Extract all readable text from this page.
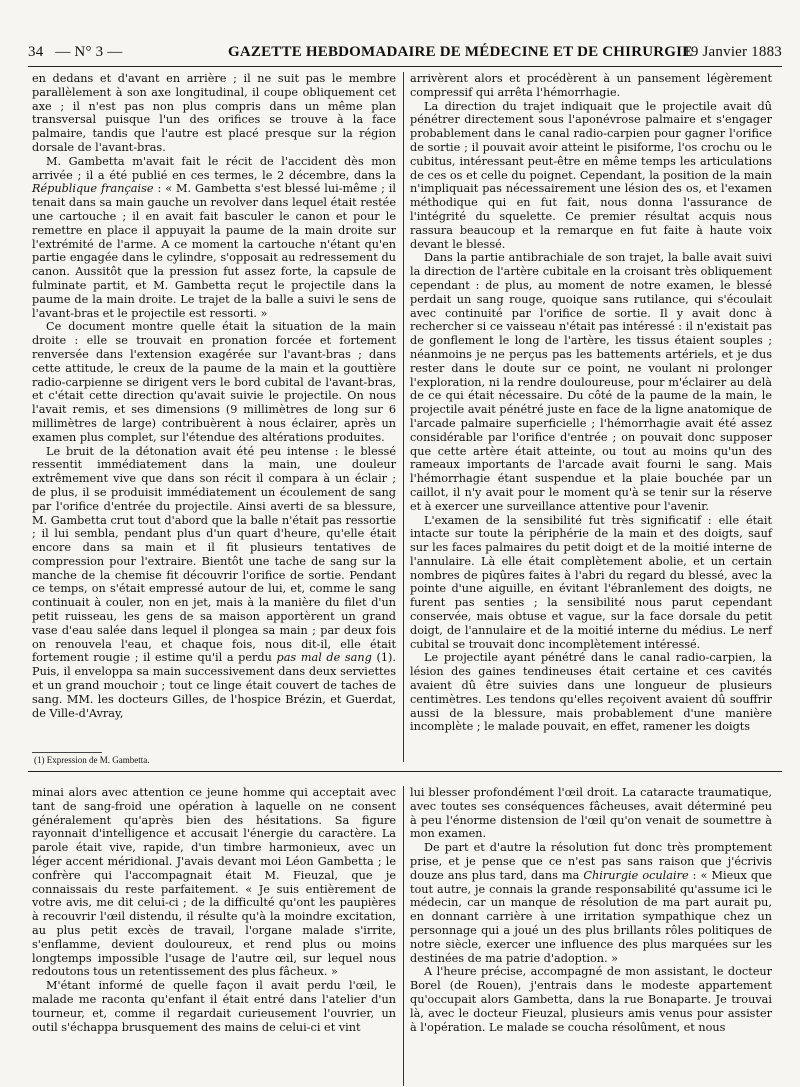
34 — N° 3 —	GAZETTE HEBDOMADAIRE DE MÉDECINE ET DE CHIRURGIE
19 Janvier 1883

en dedans et d'avant en arrière ; il ne suit pas le membre parallèlement à son axe longitudinal, il coupe obliquement cet axe ; il n'est pas non plus compris dans un même plan transversal puisque l'un des orifices se trouve à la face palmaire, tandis que l'autre est placé presque sur la région dorsale de l'avant-bras.

M. Gambetta m'avait fait le récit de l'accident dès mon arrivée ; il a été publié en ces termes, le 2 décembre, dans la République française : « M. Gambetta s'est blessé lui-même ; il tenait dans sa main gauche un revolver dans lequel était restée une cartouche ; il en avait fait basculer le canon et pour le remettre en place il appuyait la paume de la main droite sur l'extrémité de l'arme. A ce moment la cartouche n'étant qu'en partie engagée dans le cylindre, s'opposait au redressement du canon. Aussitôt que la pression fut assez forte, la capsule de fulminate partit, et M. Gambetta reçut le projectile dans la paume de la main droite. Le trajet de la balle a suivi le sens de l'avant-bras et le projectile est ressorti. »

Ce document montre quelle était la situation de la main droite : elle se trouvait en pronation forcée et fortement renversée dans l'extension exagérée sur l'avant-bras ; dans cette attitude, le creux de la paume de la main et la gouttière radio-carpienne se dirigent vers le bord cubital de l'avant-bras, et c'était cette direction qu'avait suivie le projectile. On nous l'avait remis, et ses dimensions (9 millimètres de long sur 6 millimètres de large) contribuèrent à nous éclairer, après un examen plus complet, sur l'étendue des altérations produites.

Le bruit de la détonation avait été peu intense : le blessé ressentit immédiatement dans la main, une douleur extrêmement vive que dans son récit il compara à un éclair ; de plus, il se produisit immédiatement un écoulement de sang par l'orifice d'entrée du projectile. Ainsi averti de sa blessure, M. Gambetta crut tout d'abord que la balle n'était pas ressortie ; il lui sembla, pendant plus d'un quart d'heure, qu'elle était encore dans sa main et il fit plusieurs tentatives de compression pour l'extraire. Bientôt une tache de sang sur la manche de la chemise fit découvrir l'orifice de sortie. Pendant ce temps, on s'était empressé autour de lui, et, comme le sang continuait à couler, non en jet, mais à la manière du filet d'un petit ruisseau, les gens de sa maison apportèrent un grand vase d'eau salée dans lequel il plongea sa main ; par deux fois on renouvela l'eau, et chaque fois, nous dit-il, elle était fortement rougie ; il estime qu'il a perdu pas mal de sang (1). Puis, il enveloppa sa main successivement dans deux serviettes et un grand mouchoir ; tout ce linge était couvert de taches de sang. MM. les docteurs Gilles, de l'hospice Brézin, et Guerdat, de Ville-d'Avray,

(1) Expression de M. Gambetta.

arrivèrent alors et procédèrent à un pansement légèrement compressif qui arrêta l'hémorrhagie.

La direction du trajet indiquait que le projectile avait dû pénétrer directement sous l'aponévrose palmaire et s'engager probablement dans le canal radio-carpien pour gagner l'orifice de sortie ; il pouvait avoir atteint le pisiforme, l'os crochu ou le cubitus, intéressant peut-être en même temps les articulations de ces os et celle du poignet. Cependant, la position de la main n'impliquait pas nécessairement une lésion des os, et l'examen méthodique qui en fut fait, nous donna l'assurance de l'intégrité du squelette. Ce premier résultat acquis nous rassura beaucoup et la remarque en fut faite à haute voix devant le blessé.

Dans la partie antibrachiale de son trajet, la balle avait suivi la direction de l'artère cubitale en la croisant très obliquement cependant : de plus, au moment de notre examen, le blessé perdait un sang rouge, quoique sans rutilance, qui s'écoulait avec continuité par l'orifice de sortie. Il y avait donc à rechercher si ce vaisseau n'était pas intéressé : il n'existait pas de gonflement le long de l'artère, les tissus étaient souples ; néanmoins je ne perçus pas les battements artériels, et je dus rester dans le doute sur ce point, ne voulant ni prolonger l'exploration, ni la rendre douloureuse, pour m'éclairer au delà de ce qui était nécessaire. Du côté de la paume de la main, le projectile avait pénétré juste en face de la ligne anatomique de l'arcade palmaire superficielle ; l'hémorrhagie avait été assez considérable par l'orifice d'entrée ; on pouvait donc supposer que cette artère était atteinte, ou tout au moins qu'un des rameaux importants de l'arcade avait fourni le sang. Mais l'hémorrhagie étant suspendue et la plaie bouchée par un caillot, il n'y avait pour le moment qu'à se tenir sur la réserve et à exercer une surveillance attentive pour l'avenir.

L'examen de la sensibilité fut très significatif : elle était intacte sur toute la périphérie de la main et des doigts, sauf sur les faces palmaires du petit doigt et de la moitié interne de l'annulaire. Là elle était complètement abolie, et un certain nombres de piqûres faites à l'abri du regard du blessé, avec la pointe d'une aiguille, en évitant l'ébranlement des doigts, ne furent pas senties ; la sensibilité nous parut cependant conservée, mais obtuse et vague, sur la face dorsale du petit doigt, de l'annulaire et de la moitié interne du médius. Le nerf cubital se trouvait donc incomplètement intéressé.

Le projectile ayant pénétré dans le canal radio-carpien, la lésion des gaines tendineuses était certaine et ces cavités avaient dû être suivies dans une longueur de plusieurs centimètres. Les tendons qu'elles reçoivent avaient dû souffrir aussi de la blessure, mais probablement d'une manière incomplète ; le malade pouvait, en effet, ramener les doigts

minai alors avec attention ce jeune homme qui acceptait avec tant de sang-froid une opération à laquelle on ne consent généralement qu'après bien des hésitations. Sa figure rayonnait d'intelligence et accusait l'énergie du caractère. La parole était vive, rapide, d'un timbre harmonieux, avec un léger accent méridional. J'avais devant moi Léon Gambetta ; le confrère qui l'accompagnait était M. Fieuzal, que je connaissais du reste parfaitement. « Je suis entièrement de votre avis, me dit celui-ci ; de la difficulté qu'ont les paupières à recouvrir l'œil distendu, il résulte qu'à la moindre excitation, au plus petit excès de travail, l'organe malade s'irrite, s'enflamme, devient douloureux, et rend plus ou moins longtemps impossible l'usage de l'autre œil, sur lequel nous redoutons tous un retentissement des plus fâcheux. »

M'étant informé de quelle façon il avait perdu l'œil, le malade me raconta qu'enfant il était entré dans l'atelier d'un tourneur, et, comme il regardait curieusement l'ouvrier, un outil s'échappa brusquement des mains de celui-ci et vint

lui blesser profondément l'œil droit. La cataracte traumatique, avec toutes ses conséquences fâcheuses, avait déterminé peu à peu l'énorme distension de l'œil qu'on venait de soumettre à mon examen.

De part et d'autre la résolution fut donc très promptement prise, et je pense que ce n'est pas sans raison que j'écrivis douze ans plus tard, dans ma Chirurgie oculaire : « Mieux que tout autre, je connais la grande responsabilité qu'assume ici le médecin, car un manque de résolution de ma part aurait pu, en donnant carrière à une irritation sympathique chez un personnage qui a joué un des plus brillants rôles politiques de notre siècle, exercer une influence des plus marquées sur les destinées de ma patrie d'adoption. »

A l'heure précise, accompagné de mon assistant, le docteur Borel (de Rouen), j'entrais dans le modeste appartement qu'occupait alors Gambetta, dans la rue Bonaparte. Je trouvai là, avec le docteur Fieuzal, plusieurs amis venus pour assister à l'opération. Le malade se coucha résolûment, et nous
